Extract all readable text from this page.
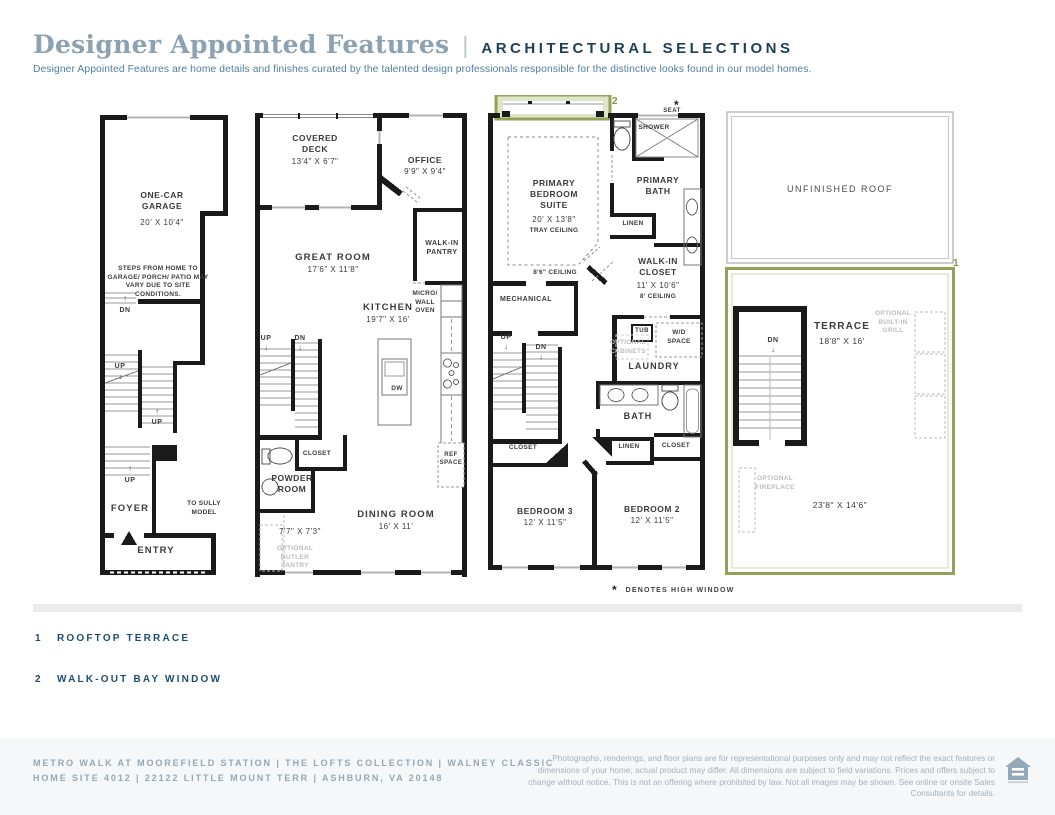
Designer Appointed Features | ARCHITECTURAL SELECTIONS

Designer Appointed Features are home details and finishes curated by the talented design professionals responsible for the distinctive looks found in our model homes.

ONE-CAR GARAGE
20' X 10'4"
STEPS FROM HOME TO GARAGE/ PORCH/ PATIO MAY VARY DUE TO SITE CONDITIONS.
↑
DN
UP
↓
↑
UP
↑
UP
FOYER	TO SULLY MODEL
ENTRY
COVERED DECK
13'4" X 6'7"	OFFICE
9'9" X 9'4"
GREAT ROOM
17'6" X 11'8"
WALK-IN PANTRY
KITCHEN
19'7" X 16'
MICRO/ WALL OVEN
UP
↓
DN
↓
DW
CLOSET
POWDER ROOM
REF SPACE
DINING ROOM
16' X 11'
7'7" X 7'3"
OPTIONAL BUTLER PANTRY
2	*
SEAT
SHOWER
PRIMARY BEDROOM SUITE
20' X 13'8"
TRAY CEILING
8'6" CEILING
PRIMARY BATH
LINEN
WALK-IN CLOSET
11' X 10'6"
8' CEILING
MECHANICAL
UP
↓	DN
↓
TUB	W/D SPACE
OPTIONAL CABINETS
LAUNDRY
BATH
CLOSET	LINEN	CLOSET
BEDROOM 3
12' X 11'5"
BEDROOM 2
12' X 11'5"
UNFINISHED ROOF
1
DN
↓
TERRACE
18'8" X 16'
OPTIONAL BUILT-IN GRILL
OPTIONAL FIREPLACE
23'8" X 14'6"
*	DENOTES HIGH WINDOW
1	ROOFTOP TERRACE
2	WALK-OUT BAY WINDOW
METRO WALK AT MOOREFIELD STATION | THE LOFTS COLLECTION | WALNEY CLASSIC
HOME SITE 4012 | 22122 LITTLE MOUNT TERR | ASHBURN, VA 20148
Photographs, renderings, and floor plans are for representational purposes only and may not reflect the exact features or dimensions of your home; actual product may differ. All dimensions are subject to field variations. Prices and offers subject to change without notice. This is not an offering where prohibited by law. Not all images may be shown. See online or onsite Sales Consultants for details.
